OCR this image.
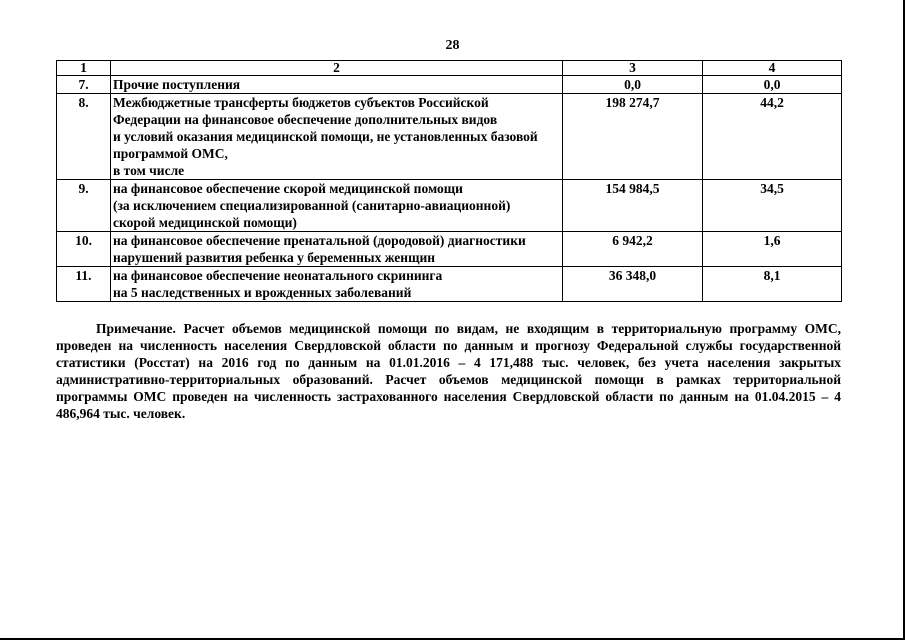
28
1	2	3	4
7.	Прочие поступления	0,0	0,0
8.	Межбюджетные трансферты бюджетов субъектов Российской
Федерации на финансовое обеспечение дополнительных видов
и условий оказания медицинской помощи, не установленных базовой
программой ОМС,
в том числе	198 274,7	44,2
9.	на финансовое обеспечение скорой медицинской помощи
(за исключением специализированной (санитарно-авиационной)
скорой медицинской помощи)	154 984,5	34,5
10.	на финансовое обеспечение пренатальной (дородовой) диагностики
нарушений развития ребенка у беременных женщин	6 942,2	1,6
11.	на финансовое обеспечение неонатального скрининга
на 5 наследственных и врожденных заболеваний	36 348,0	8,1
Примечание. Расчет объемов медицинской помощи по видам, не входящим в территориальную программу ОМС, проведен на численность населения Свердловской области по данным и прогнозу Федеральной службы государственной статистики (Росстат) на 2016 год по данным на 01.01.2016 – 4 171,488 тыс. человек, без учета населения закрытых административно-территориальных образований. Расчет объемов медицинской помощи в рамках территориальной программы ОМС проведен на численность застрахованного населения Свердловской области по данным на 01.04.2015 – 4 486,964 тыс. человек.
